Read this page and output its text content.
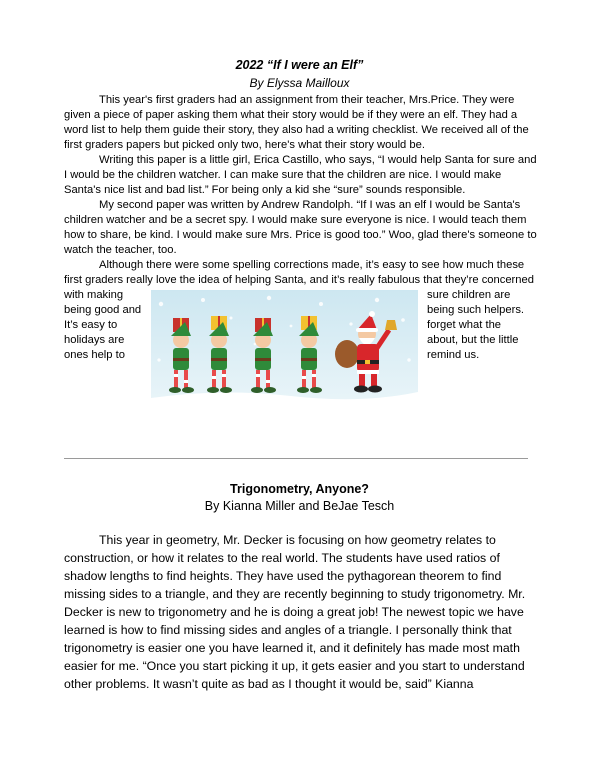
2022 “If I were an Elf”
By Elyssa Mailloux
This year's first graders had an assignment from their teacher, Mrs.Price. They were
given a piece of paper asking them what their story would be if they were an elf. They had a
word list to help them guide their story, they also had a writing checklist. We received all of the
first graders papers but picked only two, here's what their story would be.
Writing this paper is a little girl, Erica Castillo, who says, “I would help Santa for sure and
I would be the children watcher. I can make sure that the children are nice. I would make
Santa's nice list and bad list.” For being only a kid she “sure” sounds responsible.
My second paper was written by Andrew Randolph. “If I was an elf I would be Santa's
children watcher and be a secret spy. I would make sure everyone is nice. I would teach them
how to share, be kind. I would make sure Mrs. Price is good too.” Woo, glad there's someone to
watch the teacher, too.
Although there were some spelling corrections made, it’s easy to see how much these
first graders really love the idea of helping Santa, and it’s really fabulous that they’re concerned
with making
being good and
It’s easy to
holidays are
ones help to
sure children are
being such helpers.
forget what the
about, but the little
remind us.
Trigonometry, Anyone?
By Kianna Miller and BeJae Tesch
This year in geometry, Mr. Decker is focusing on how geometry relates to
construction, or how it relates to the real world. The students have used ratios of
shadow lengths to find heights. They have used the pythagorean theorem to find
missing sides to a triangle, and they are recently beginning to study trigonometry. Mr.
Decker is new to trigonometry and he is doing a great job! The newest topic we have
learned is how to find missing sides and angles of a triangle. I personally think that
trigonometry is easier one you have learned it, and it definitely has made most math
easier for me. “Once you start picking it up, it gets easier and you start to understand
other problems. It wasn’t quite as bad as I thought it would be, said” Kianna
